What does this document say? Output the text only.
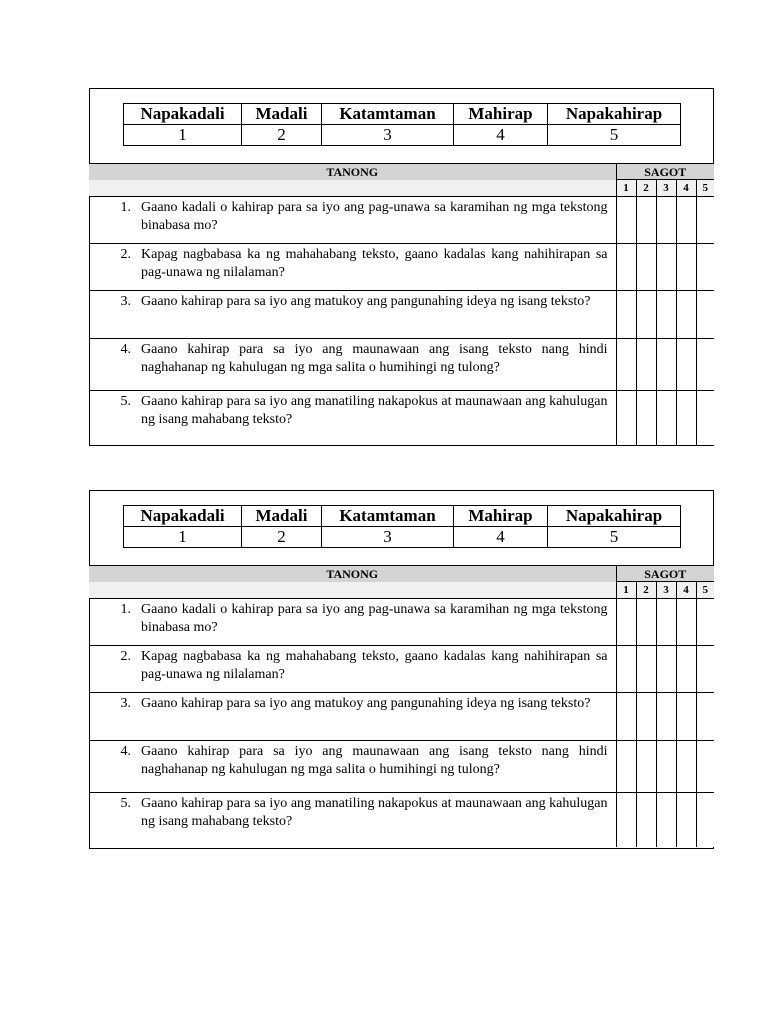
Napakadali	Madali	Katamtaman	Mahirap	Napakahirap
1	2	3	4	5
TANONG	SAGOT				
	1	2	3	4	5

1. Gaano kadali o kahirap para sa iyo ang pag-unawa sa karamihan ng mga tekstong binabasa mo?					

2. Kapag nagbabasa ka ng mahahabang teksto, gaano kadalas kang nahihirapan sa pag-unawa ng nilalaman?					

3. Gaano kahirap para sa iyo ang matukoy ang pangunahing ideya ng isang teksto?					

4. Gaano kahirap para sa iyo ang maunawaan ang isang teksto nang hindi naghahanap ng kahulugan ng mga salita o humihingi ng tulong?					

5. Gaano kahirap para sa iyo ang manatiling nakapokus at maunawaan ang kahulugan ng isang mahabang teksto?					

Napakadali	Madali	Katamtaman	Mahirap	Napakahirap
1	2	3	4	5
TANONG	SAGOT				
	1	2	3	4	5

1. Gaano kadali o kahirap para sa iyo ang pag-unawa sa karamihan ng mga tekstong binabasa mo?					

2. Kapag nagbabasa ka ng mahahabang teksto, gaano kadalas kang nahihirapan sa pag-unawa ng nilalaman?					

3. Gaano kahirap para sa iyo ang matukoy ang pangunahing ideya ng isang teksto?					

4. Gaano kahirap para sa iyo ang maunawaan ang isang teksto nang hindi naghahanap ng kahulugan ng mga salita o humihingi ng tulong?					

5. Gaano kahirap para sa iyo ang manatiling nakapokus at maunawaan ang kahulugan ng isang mahabang teksto?					
